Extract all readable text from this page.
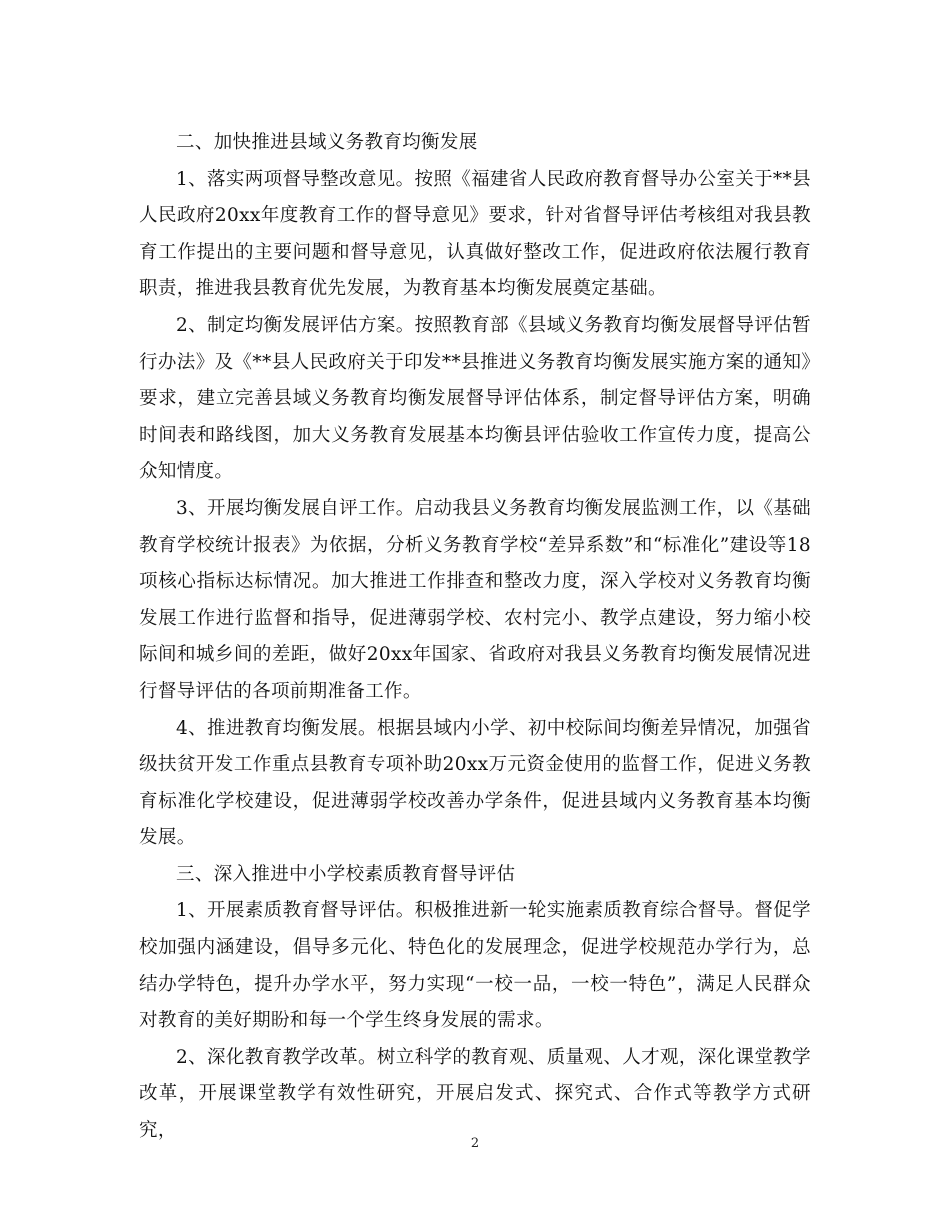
二、加快推进县域义务教育均衡发展

1、落实两项督导整改意见。按照《福建省人民政府教育督导办公室关于**县人民政府20xx年度教育工作的督导意见》要求，针对省督导评估考核组对我县教育工作提出的主要问题和督导意见，认真做好整改工作，促进政府依法履行教育职责，推进我县教育优先发展，为教育基本均衡发展奠定基础。

2、制定均衡发展评估方案。按照教育部《县域义务教育均衡发展督导评估暂行办法》及《**县人民政府关于印发**县推进义务教育均衡发展实施方案的通知》要求，建立完善县域义务教育均衡发展督导评估体系，制定督导评估方案，明确时间表和路线图，加大义务教育发展基本均衡县评估验收工作宣传力度，提高公众知情度。

3、开展均衡发展自评工作。启动我县义务教育均衡发展监测工作，以《基础教育学校统计报表》为依据，分析义务教育学校“差异系数”和“标准化”建设等18项核心指标达标情况。加大推进工作排查和整改力度，深入学校对义务教育均衡发展工作进行监督和指导，促进薄弱学校、农村完小、教学点建设，努力缩小校际间和城乡间的差距，做好20xx年国家、省政府对我县义务教育均衡发展情况进行督导评估的各项前期准备工作。

4、推进教育均衡发展。根据县域内小学、初中校际间均衡差异情况，加强省级扶贫开发工作重点县教育专项补助20xx万元资金使用的监督工作，促进义务教育标准化学校建设，促进薄弱学校改善办学条件，促进县域内义务教育基本均衡发展。

三、深入推进中小学校素质教育督导评估

1、开展素质教育督导评估。积极推进新一轮实施素质教育综合督导。督促学校加强内涵建设，倡导多元化、特色化的发展理念，促进学校规范办学行为，总结办学特色，提升办学水平，努力实现“一校一品，一校一特色”，满足人民群众对教育的美好期盼和每一个学生终身发展的需求。

2、深化教育教学改革。树立科学的教育观、质量观、人才观，深化课堂教学改革，开展课堂教学有效性研究，开展启发式、探究式、合作式等教学方式研究，

2
